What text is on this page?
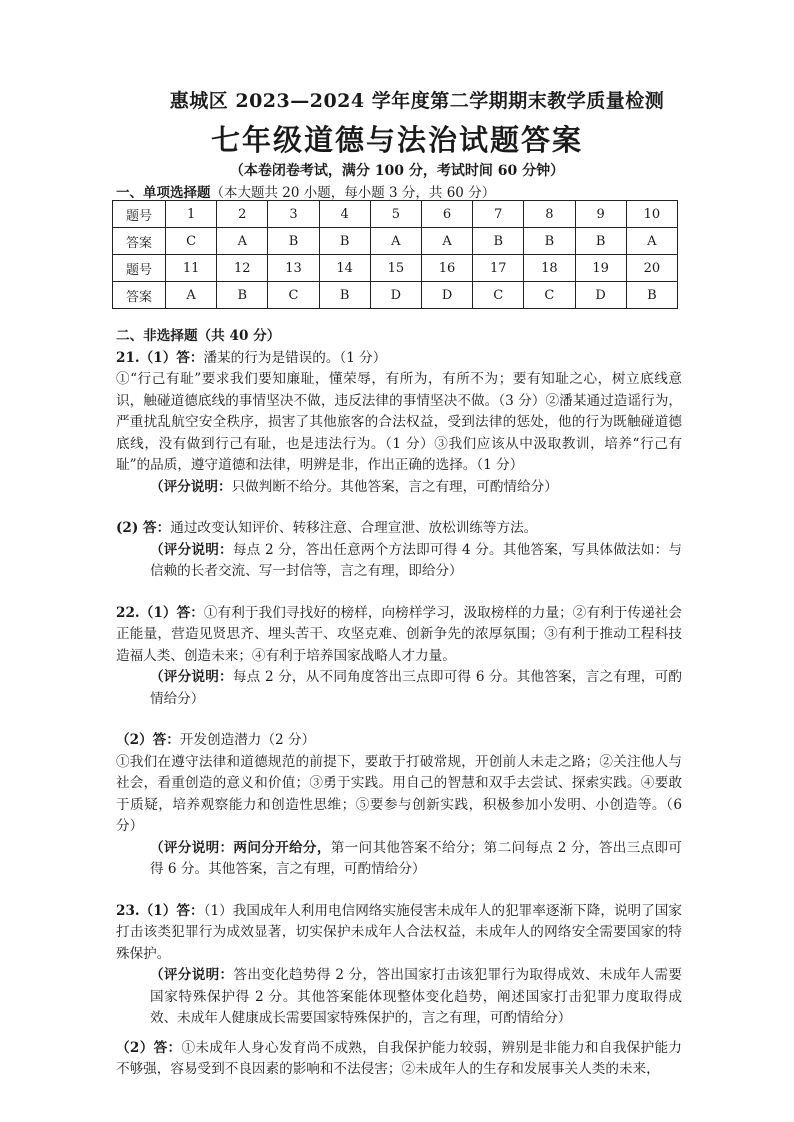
惠城区 2023—2024 学年度第二学期期末教学质量检测
七年级道德与法治试题答案
（本卷闭卷考试，满分 100 分，考试时间 60 分钟）
一、单项选择题（本大题共 20 小题，每小题 3 分，共 60 分）
题号	1	2	3	4	5	6	7	8	9	10
答案	C	A	B	B	A	A	B	B	B	A
题号	11	12	13	14	15	16	17	18	19	20
答案	A	B	C	B	D	D	C	C	D	B

二、非选择题（共 40 分）

21.（1）答：潘某的行为是错误的。（1 分）

①“行己有耻”要求我们要知廉耻，懂荣辱，有所为，有所不为；要有知耻之心，树立底线意识，触碰道德底线的事情坚决不做，违反法律的事情坚决不做。（3 分）②潘某通过造谣行为，严重扰乱航空安全秩序，损害了其他旅客的合法权益，受到法律的惩处，他的行为既触碰道德底线，没有做到行己有耻，也是违法行为。（1 分）③我们应该从中汲取教训，培养“行己有耻”的品质，遵守道德和法律，明辨是非，作出正确的选择。（1 分）

（评分说明：只做判断不给分。其他答案，言之有理，可酌情给分）

(2) 答：通过改变认知评价、转移注意、合理宣泄、放松训练等方法。

（评分说明：每点 2 分，答出任意两个方法即可得 4 分。其他答案，写具体做法如：与信赖的长者交流、写一封信等，言之有理，即给分）

22.（1）答：①有利于我们寻找好的榜样，向榜样学习，汲取榜样的力量；②有利于传递社会正能量，营造见贤思齐、埋头苦干、攻坚克难、创新争先的浓厚氛围；③有利于推动工程科技造福人类、创造未来；④有利于培养国家战略人才力量。

（评分说明：每点 2 分，从不同角度答出三点即可得 6 分。其他答案，言之有理，可酌情给分）

（2）答：开发创造潜力（2 分）

①我们在遵守法律和道德规范的前提下，要敢于打破常规，开创前人未走之路；②关注他人与社会，看重创造的意义和价值；③勇于实践。用自己的智慧和双手去尝试、探索实践。④要敢于质疑，培养观察能力和创造性思维；⑤要参与创新实践，积极参加小发明、小创造等。（6 分）

（评分说明：两问分开给分，第一问其他答案不给分；第二问每点 2 分，答出三点即可得 6 分。其他答案，言之有理，可酌情给分）

23.（1）答：（1）我国成年人利用电信网络实施侵害未成年人的犯罪率逐渐下降，说明了国家打击该类犯罪行为成效显著，切实保护未成年人合法权益，未成年人的网络安全需要国家的特殊保护。

（评分说明：答出变化趋势得 2 分，答出国家打击该犯罪行为取得成效、未成年人需要国家特殊保护得 2 分。其他答案能体现整体变化趋势，阐述国家打击犯罪力度取得成效、未成年人健康成长需要国家特殊保护的，言之有理，可酌情给分）

（2）答：①未成年人身心发育尚不成熟，自我保护能力较弱，辨别是非能力和自我保护能力不够强，容易受到不良因素的影响和不法侵害；②未成年人的生存和发展事关人类的未来，
